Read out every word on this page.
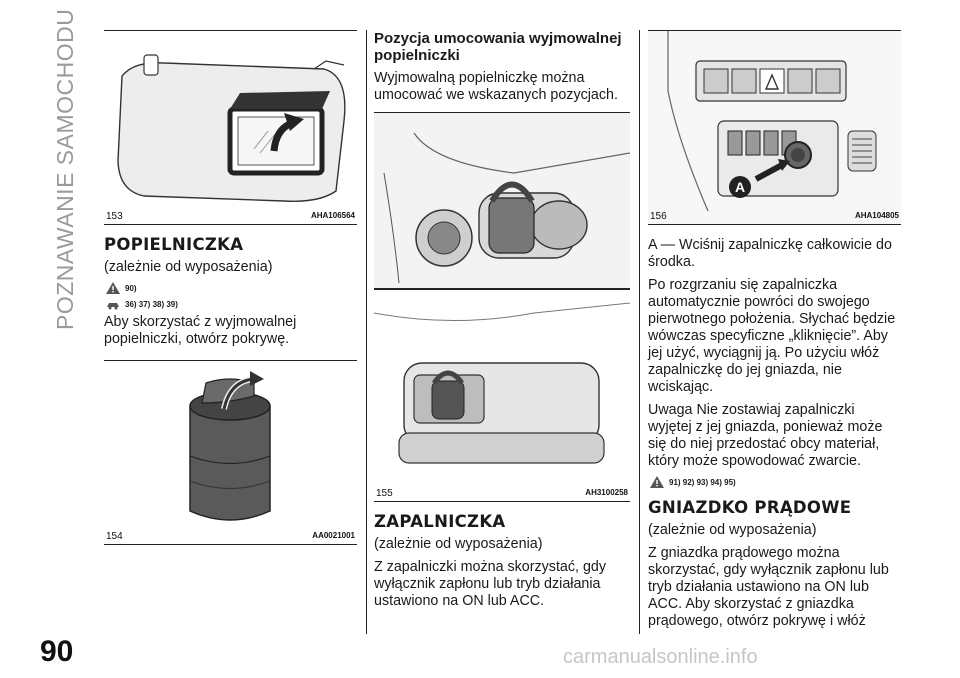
POZNAWANIE SAMOCHODU	153	AHA106564
POPIELNICZKA

(zależnie od wyposażenia)

90)
36) 37) 38) 39)

Aby skorzystać z wyjmowalnej popielniczki, otwórz pokrywę.

154	AA0021001
Pozycja umocowania wyjmowalnej popielniczki

Wyjmowalną popielniczkę można umocować we wskazanych pozycjach.

155	AH3100258
ZAPALNICZKA

(zależnie od wyposażenia)

Z zapalniczki można skorzystać, gdy wyłącznik zapłonu lub tryb działania ustawiono na ON lub ACC.

A
156	AHA104805

A — Wciśnij zapalniczkę całkowicie do środka.

Po rozgrzaniu się zapalniczka automatycznie powróci do swojego pierwotnego położenia. Słychać będzie wówczas specyficzne „kliknięcie”. Aby jej użyć, wyciągnij ją. Po użyciu włóż zapalniczkę do jej gniazda, nie wciskając.

Uwaga Nie zostawiaj zapalniczki wyjętej z jej gniazda, ponieważ może się do niej przedostać obcy materiał, który może spowodować zwarcie.

91) 92) 93) 94) 95)
GNIAZDKO PRĄDOWE

(zależnie od wyposażenia)

Z gniazdka prądowego można skorzystać, gdy wyłącznik zapłonu lub tryb działania ustawiono na ON lub ACC. Aby skorzystać z gniazdka prądowego, otwórz pokrywę i włóż

90	carmanualsonline.info
